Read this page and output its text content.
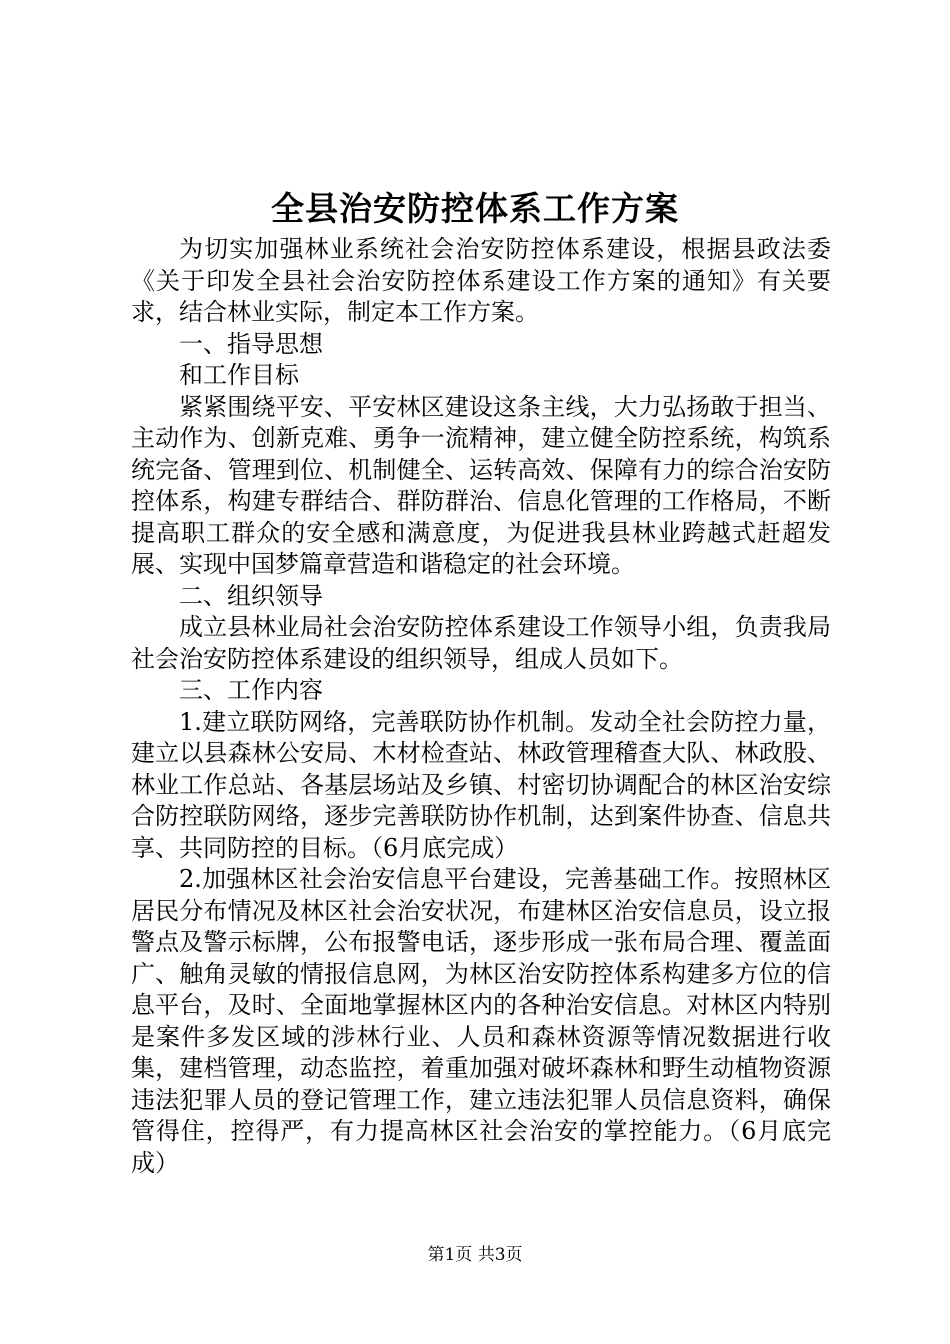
全县治安防控体系工作方案

为切实加强林业系统社会治安防控体系建设，根据县政法委《关于印发全县社会治安防控体系建设工作方案的通知》有关要求，结合林业实际，制定本工作方案。

一、指导思想

和工作目标

紧紧围绕平安、平安林区建设这条主线，大力弘扬敢于担当、主动作为、创新克难、勇争一流精神，建立健全防控系统，构筑系统完备、管理到位、机制健全、运转高效、保障有力的综合治安防控体系，构建专群结合、群防群治、信息化管理的工作格局，不断提高职工群众的安全感和满意度，为促进我县林业跨越式赶超发展、实现中国梦篇章营造和谐稳定的社会环境。

二、组织领导

成立县林业局社会治安防控体系建设工作领导小组，负责我局社会治安防控体系建设的组织领导，组成人员如下。

三、工作内容

1.建立联防网络，完善联防协作机制。发动全社会防控力量，建立以县森林公安局、木材检查站、林政管理稽查大队、林政股、林业工作总站、各基层场站及乡镇、村密切协调配合的林区治安综合防控联防网络，逐步完善联防协作机制，达到案件协查、信息共享、共同防控的目标。（6月底完成）

2.加强林区社会治安信息平台建设，完善基础工作。按照林区居民分布情况及林区社会治安状况，布建林区治安信息员，设立报警点及警示标牌，公布报警电话，逐步形成一张布局合理、覆盖面广、触角灵敏的情报信息网，为林区治安防控体系构建多方位的信息平台，及时、全面地掌握林区内的各种治安信息。对林区内特别是案件多发区域的涉林行业、人员和森林资源等情况数据进行收集，建档管理，动态监控，着重加强对破坏森林和野生动植物资源违法犯罪人员的登记管理工作，建立违法犯罪人员信息资料，确保管得住，控得严，有力提高林区社会治安的掌控能力。（6月底完成）

第1页 共3页
